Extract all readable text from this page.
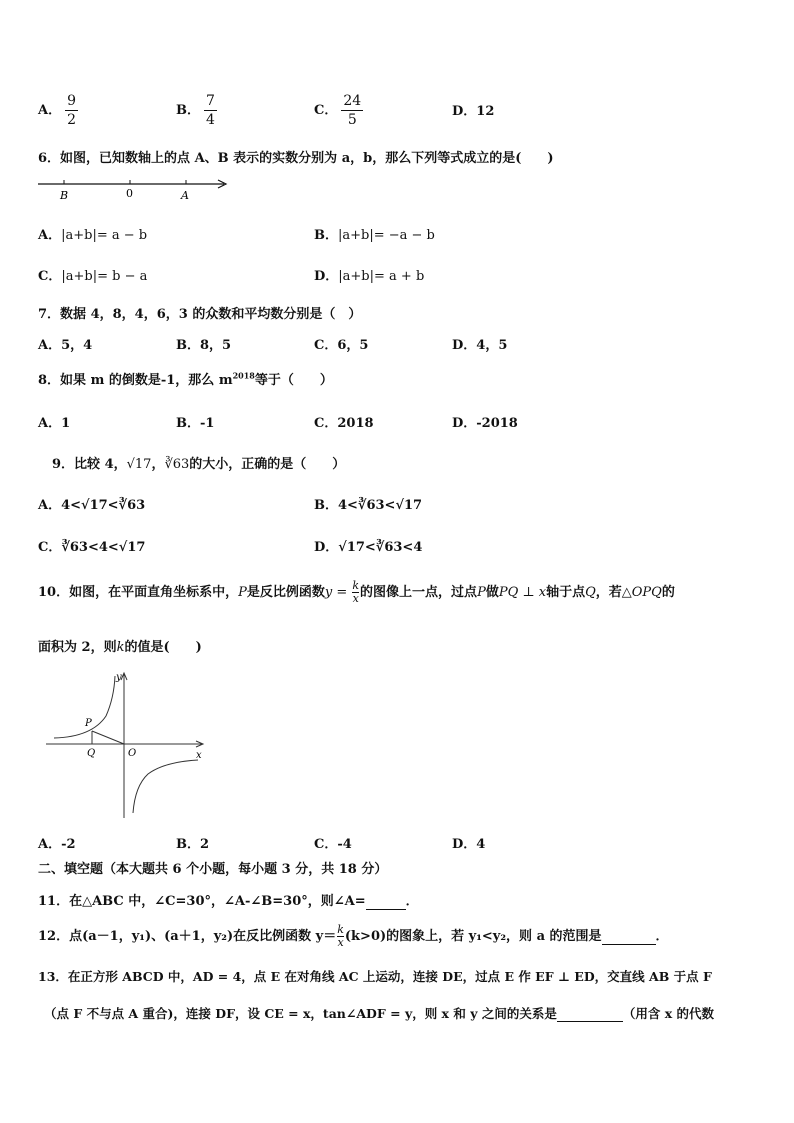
A． $\frac{9}{2}$	B． $\frac{7}{4}$	C． $\frac{24}{5}$	D．12
6．如图，已知数轴上的点 A、B 表示的实数分别为 a，b，那么下列等式成立的是(　　)
B	0	A
A．|a+b|= a − b	B．|a+b|= −a − b
C．|a+b|= b − a	D．|a+b|= a + b
7．数据 4，8，4，6，3 的众数和平均数分别是（　）
A．5，4	B．8，5	C．6，5	D．4，5
8．如果 m 的倒数是-1，那么 $m^{2018}$等于（　　）
A．1	B．-1	C．2018	D．-2018
9．比较 4，√17，∛63的大小，正确的是（　　）
A．4<√17<∛63	B．4<∛63<√17
C．∛63<4<√17	D．√17<∛63<4
10．如图，在平面直角坐标系中，P是反比例函数$y = \frac{k}{x}$ 的图像上一点，过点P做PQ ⊥ x轴于点Q，若△OPQ的
面积为 2，则k的值是(　　)
y
x
P
Q	O
A．-2	B．2	C．-4	D．4
二、填空题（本大题共 6 个小题，每小题 3 分，共 18 分）
11．在△ABC 中，∠C=30°，∠A-∠B=30°，则∠A=	．
12．点(a－1，y₁)、(a＋1，y₂)在反比例函数 $y= \frac{k}{x} (k>0)$的图象上，若 y₁<y₂，则 a 的范围是	．
13．在正方形 ABCD 中，AD = 4，点 E 在对角线 AC 上运动，连接 DE，过点 E 作 EF ⊥ ED，交直线 AB 于点 F
（点 F 不与点 A 重合)，连接 DF，设 CE = x，tan∠ADF = y，则 x 和 y 之间的关系是	（用含 x 的代数
